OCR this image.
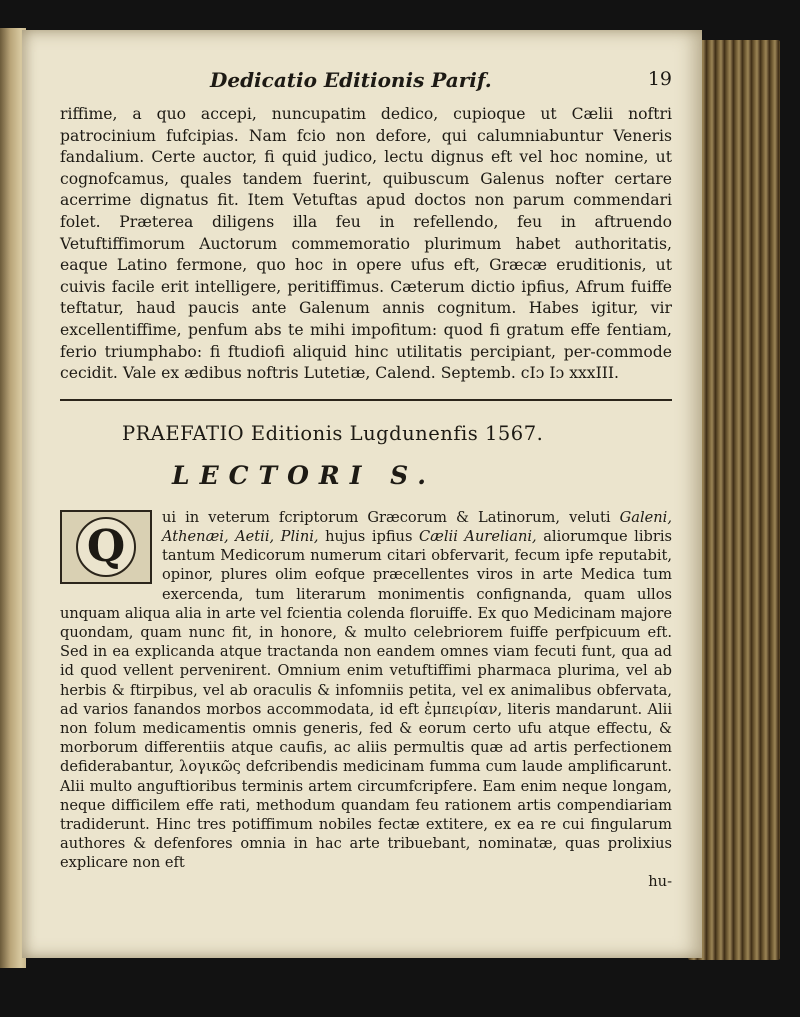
Dedicatio Editionis Parif.	19

riffime, a quo accepi, nuncupatim dedico, cupioque ut Cælii noftri patrocinium fufcipias. Nam fcio non defore, qui calumniabuntur Veneris fandalium. Certe auctor, fi quid judico, lectu dignus eft vel hoc nomine, ut cognofcamus, quales tandem fuerint, quibuscum Galenus nofter certare acerrime dignatus fit. Item Vetuftas apud doctos non parum commendari folet. Præterea diligens illa feu in refellendo, feu in aftruendo Vetuftiffimorum Auctorum commemoratio plurimum habet authoritatis, eaque Latino fermone, quo hoc in opere ufus eft, Græcæ eruditionis, ut cuivis facile erit intelligere, peritiffimus. Cæterum dictio ipfius, Afrum fuiffe teftatur, haud paucis ante Galenum annis cognitum. Habes igitur, vir excellentiffime, penfum abs te mihi impofitum: quod fi gratum effe fentiam, ferio triumphabo: fi ftudiofi aliquid hinc utilitatis percipiant, per-commode cecidit. Vale ex ædibus noftris Lutetiæ, Calend. Septemb. cIɔ Iɔ xxxIII.

PRAEFATIO Editionis Lugdunenfis 1567.

LECTORI S.
Q

ui in veterum fcriptorum Græcorum & Latinorum, veluti Galeni, Athenæi, Aetii, Plini, hujus ipfius Cælii Aureliani, aliorumque libris tantum Medicorum numerum citari obfervarit, fecum ipfe reputabit, opinor, plures olim eofque præcellentes viros in arte Medica tum exercenda, tum literarum monimentis confignanda, quam ullos unquam aliqua alia in arte vel fcientia colenda floruiffe. Ex quo Medicinam majore quondam, quam nunc fit, in honore, & multo celebriorem fuiffe perfpicuum eft. Sed in ea explicanda atque tractanda non eandem omnes viam fecuti funt, qua ad id quod vellent pervenirent. Omnium enim vetuftiffimi pharmaca plurima, vel ab herbis & ftirpibus, vel ab oraculis & infomniis petita, vel ex animalibus obfervata, ad varios fanandos morbos accommodata, id eft ἐμπειρίαν, literis mandarunt. Alii non folum medicamentis omnis generis, fed & eorum certo ufu atque effectu, & morborum differentiis atque caufis, ac aliis permultis quæ ad artis perfectionem defiderabantur, λογικῶς defcribendis medicinam fumma cum laude amplificarunt. Alii multo anguftioribus terminis artem circumfcripfere. Eam enim neque longam, neque difficilem effe rati, methodum quandam feu rationem artis compendiariam tradiderunt. Hinc tres potiffimum nobiles fectæ extitere, ex ea re cui fingularum authores & defenfores omnia in hac arte tribuebant, nominatæ, quas prolixius explicare non eft

hu-
